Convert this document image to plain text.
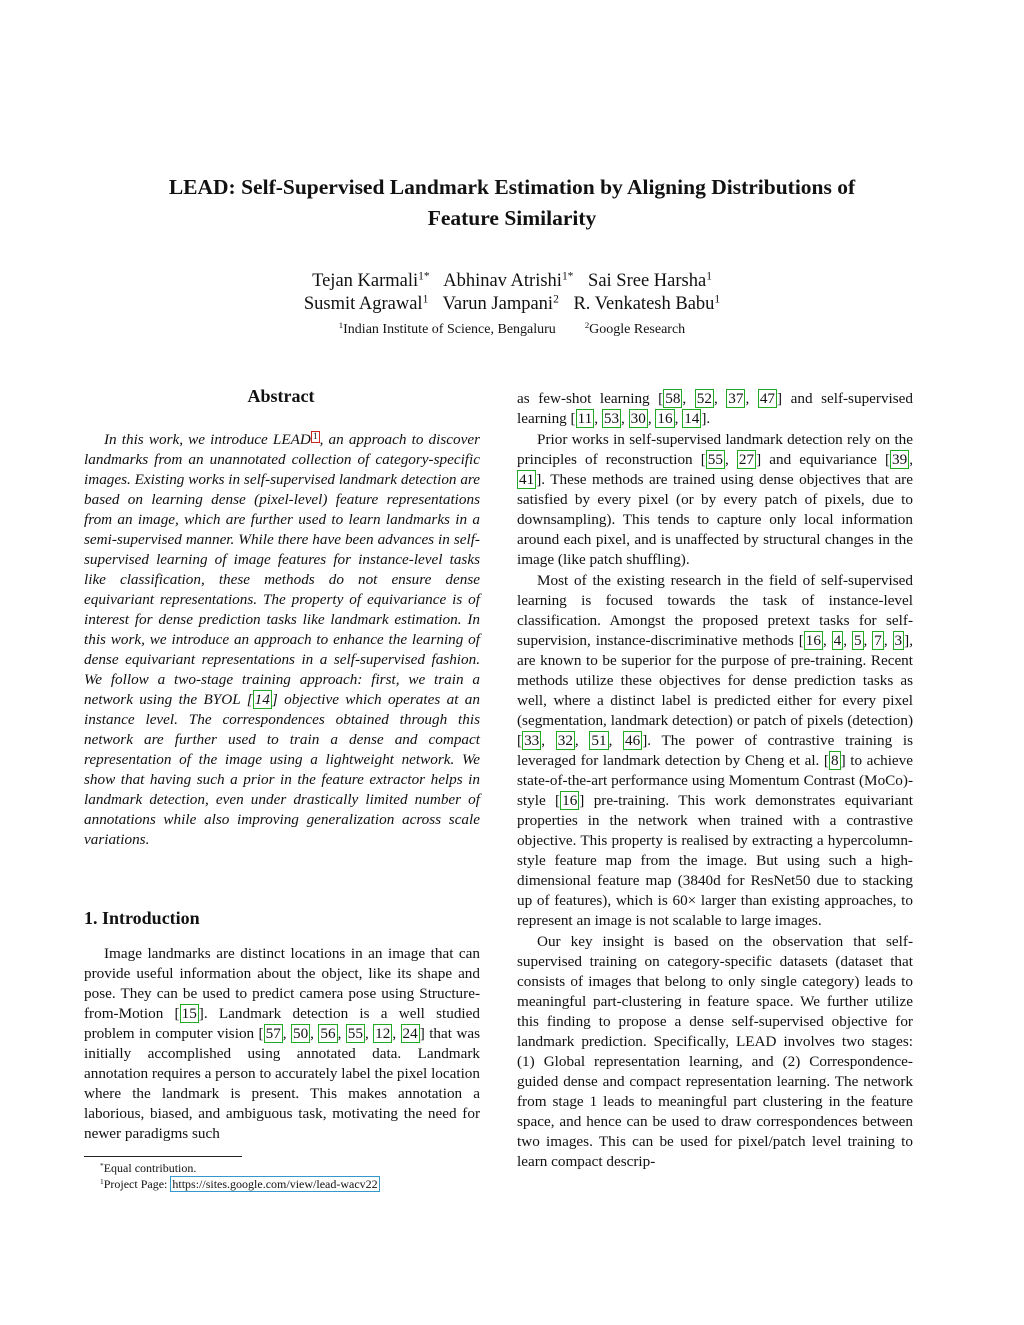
LEAD: Self-Supervised Landmark Estimation by Aligning Distributions of
Feature Similarity
Tejan Karmali$^{1*}$ Abhinav Atrishi$^{1*}$ Sai Sree Harsha$^1$
Susmit Agrawal$^1$ Varun Jampani$^2$ R. Venkatesh Babu$^1$
$^1$Indian Institute of Science, Bengaluru	$^2$Google Research
Abstract

In this work, we introduce LEAD $^1$ , an approach to discover landmarks from an unannotated collection of category-specific images. Existing works in self-supervised landmark detection are based on learning dense (pixel-level) feature representations from an image, which are further used to learn landmarks in a semi-supervised manner. While there have been advances in self-supervised learning of image features for instance-level tasks like classification, these methods do not ensure dense equivariant representations. The property of equivariance is of interest for dense prediction tasks like landmark estimation. In this work, we introduce an approach to enhance the learning of dense equivariant representations in a self-supervised fashion. We follow a two-stage training approach: first, we train a network using the BYOL [ 14 ] objective which operates at an instance level. The correspondences obtained through this network are further used to train a dense and compact representation of the image using a lightweight network. We show that having such a prior in the feature extractor helps in landmark detection, even under drastically limited number of annotations while also improving generalization across scale variations.

1. Introduction

Image landmarks are distinct locations in an image that can provide useful information about the object, like its shape and pose. They can be used to predict camera pose using Structure-from-Motion [ 15 ]. Landmark detection is a well studied problem in computer vision [ 57 , 50 , 56 , 55 , 12 , 24 ] that was initially accomplished using annotated data. Landmark annotation requires a person to accurately label the pixel location where the landmark is present. This makes annotation a laborious, biased, and ambiguous task, motivating the need for newer paradigms such

*Equal contribution.
$^1$Project Page: https://sites.google.com/view/lead-wacv22

as few-shot learning [ 58 , 52 , 37 , 47 ] and self-supervised learning [ 11 , 53 , 30 , 16 , 14 ].

Prior works in self-supervised landmark detection rely on the principles of reconstruction [ 55 , 27 ] and equivariance [ 39 , 41 ]. These methods are trained using dense objectives that are satisfied by every pixel (or by every patch of pixels, due to downsampling). This tends to capture only local information around each pixel, and is unaffected by structural changes in the image (like patch shuffling).

Most of the existing research in the field of self-supervised learning is focused towards the task of instance-level classification. Amongst the proposed pretext tasks for self-supervision, instance-discriminative methods [ 16 , 4 , 5 , 7 , 3 ], are known to be superior for the purpose of pre-training. Recent methods utilize these objectives for dense prediction tasks as well, where a distinct label is predicted either for every pixel (segmentation, landmark detection) or patch of pixels (detection) [ 33 , 32 , 51 , 46 ]. The power of contrastive training is leveraged for landmark detection by Cheng et al. [ 8 ] to achieve state-of-the-art performance using Momentum Contrast (MoCo)-style [ 16 ] pre-training. This work demonstrates equivariant properties in the network when trained with a contrastive objective. This property is realised by extracting a hypercolumn-style feature map from the image. But using such a high-dimensional feature map (3840d for ResNet50 due to stacking up of features), which is 60× larger than existing approaches, to represent an image is not scalable to large images.

Our key insight is based on the observation that self-supervised training on category-specific datasets (dataset that consists of images that belong to only single category) leads to meaningful part-clustering in feature space. We further utilize this finding to propose a dense self-supervised objective for landmark prediction. Specifically, LEAD involves two stages: (1) Global representation learning, and (2) Correspondence-guided dense and compact representation learning. The network from stage 1 leads to meaningful part clustering in the feature space, and hence can be used to draw correspondences between two images. This can be used for pixel/patch level training to learn compact descrip-
